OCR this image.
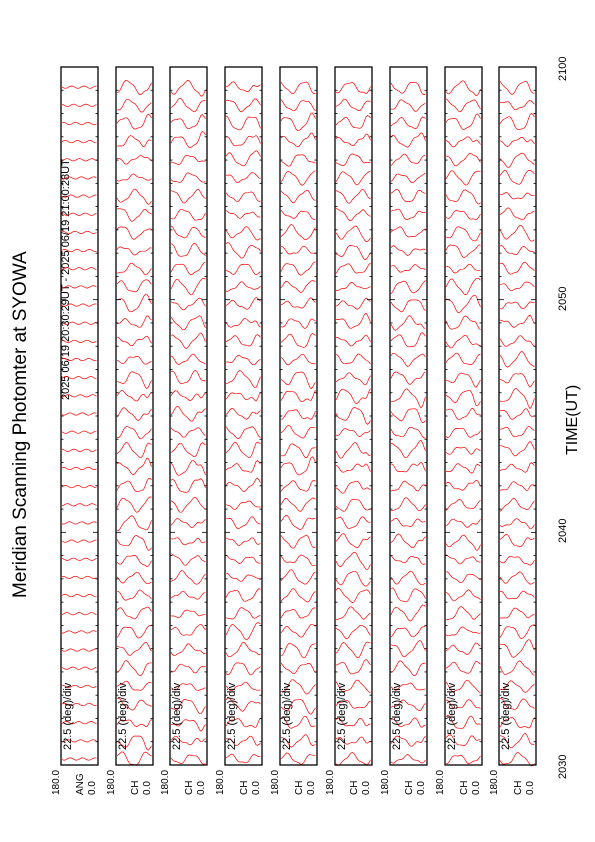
Meridian Scanning Photomter at SYOWA	2025 06/19 20:30:29UT - 2025 06/19 21:00:28UT
22.5 (deg)/div
ANG
180.0	0.0
22.5 (deg)/div
CH
180.0	0.0
22.5 (deg)/div
CH
180.0	0.0
22.5 (deg)/div
CH
180.0	0.0
22.5 (deg)/div
CH
180.0	0.0
22.5 (deg)/div
CH
180.0	0.0
22.5 (deg)/div
CH
180.0	0.0
22.5 (deg)/div
CH
180.0	0.0
22.5 (deg)/div
CH
180.0	0.0
2030
2040
2050
2100
TIME(UT)
